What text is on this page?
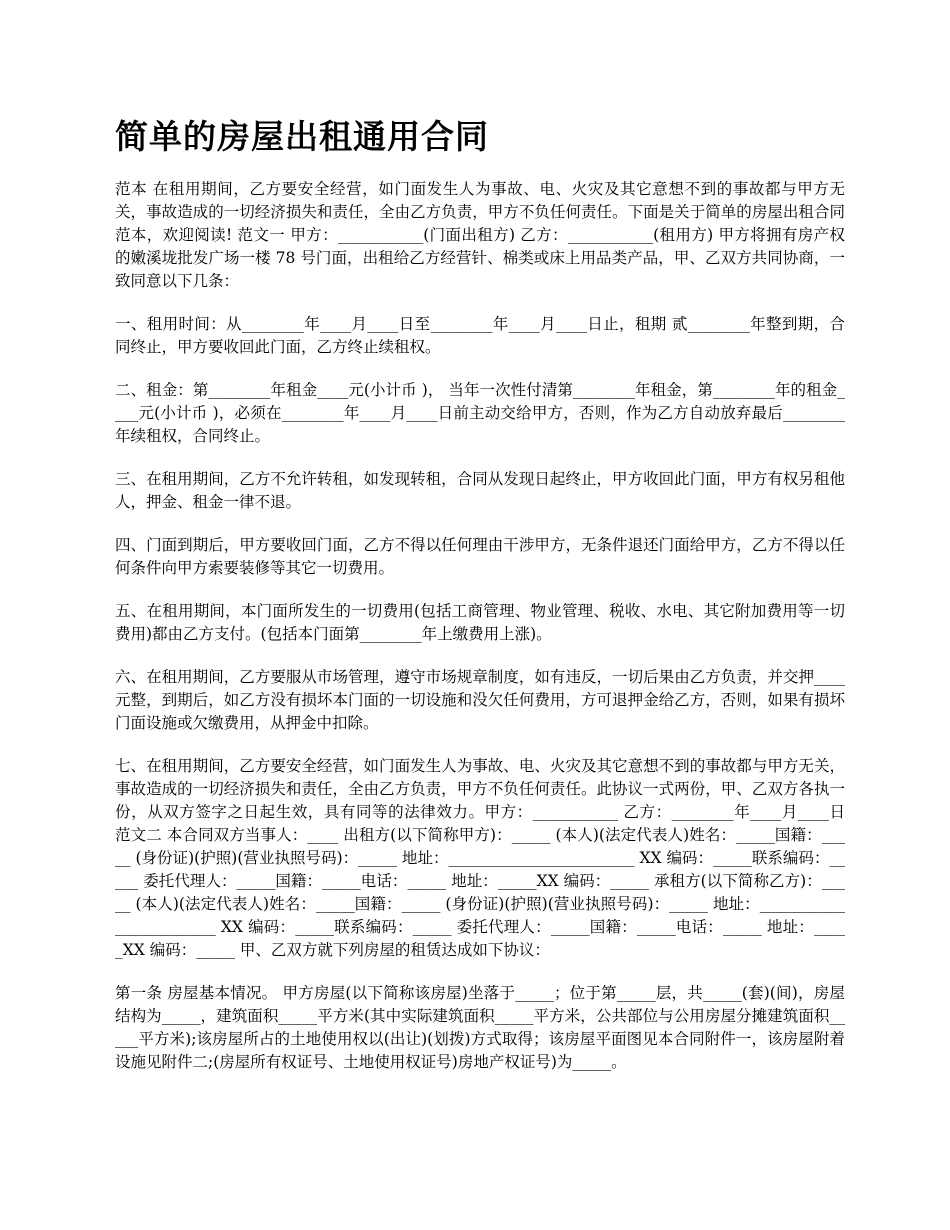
简单的房屋出租通用合同

范本 在租用期间，乙方要安全经营，如门面发生人为事故、电、火灾及其它意想不到的事故都与甲方无关，事故造成的一切经济损失和责任，全由乙方负责，甲方不负任何责任。下面是关于简单的房屋出租合同范本，欢迎阅读! 范文一 甲方：___________(门面出租方) 乙方：___________(租用方) 甲方将拥有房产权的嫩溪垅批发广场一楼 78 号门面，出租给乙方经营针、棉类或床上用品类产品，甲、乙双方共同协商，一致同意以下几条：

一、租用时间：从________年____月____日至________年____月____日止，租期 贰________年整到期，合同终止，甲方要收回此门面，乙方终止续租权。

二、租金：第________年租金____元(小计币 )， 当年一次性付清第________年租金，第________年的租金____元(小计币 )，必须在________年____月____日前主动交给甲方，否则，作为乙方自动放弃最后________年续租权，合同终止。

三、在租用期间，乙方不允许转租，如发现转租，合同从发现日起终止，甲方收回此门面，甲方有权另租他人，押金、租金一律不退。

四、门面到期后，甲方要收回门面，乙方不得以任何理由干涉甲方，无条件退还门面给甲方，乙方不得以任何条件向甲方索要装修等其它一切费用。

五、在租用期间，本门面所发生的一切费用(包括工商管理、物业管理、税收、水电、其它附加费用等一切费用)都由乙方支付。(包括本门面第________年上缴费用上涨)。

六、在租用期间，乙方要服从市场管理，遵守市场规章制度，如有违反，一切后果由乙方负责，并交押____元整，到期后，如乙方没有损坏本门面的一切设施和没欠任何费用，方可退押金给乙方，否则，如果有损坏门面设施或欠缴费用，从押金中扣除。

七、在租用期间，乙方要安全经营，如门面发生人为事故、电、火灾及其它意想不到的事故都与甲方无关，事故造成的一切经济损失和责任，全由乙方负责，甲方不负任何责任。此协议一式两份，甲、乙双方各执一份，从双方签字之日起生效，具有同等的法律效力。甲方：___________ 乙方：________年____月____日 范文二 本合同双方当事人：____ 出租方(以下简称甲方)：_____ (本人)(法定代表人)姓名：_____国籍：_____ (身份证)(护照)(营业执照号码)：_____ 地址：________________________ XX 编码：_____联系编码：_____ 委托代理人：_____国籍：_____电话：_____ 地址：_____XX 编码：_____ 承租方(以下简称乙方)：_____ (本人)(法定代表人)姓名：_____国籍：_____ (身份证)(护照)(营业执照号码)：_____ 地址：________________________ XX 编码：_____联系编码：_____ 委托代理人：_____国籍：_____电话：_____ 地址：_____XX 编码：_____ 甲、乙双方就下列房屋的租赁达成如下协议：

第一条 房屋基本情况。 甲方房屋(以下简称该房屋)坐落于_____；位于第_____层，共_____(套)(间)，房屋结构为_____，建筑面积_____平方米(其中实际建筑面积_____平方米，公共部位与公用房屋分摊建筑面积_____平方米);该房屋所占的土地使用权以(出让)(划拨)方式取得；该房屋平面图见本合同附件一，该房屋附着设施见附件二;(房屋所有权证号、土地使用权证号)房地产权证号)为_____。
